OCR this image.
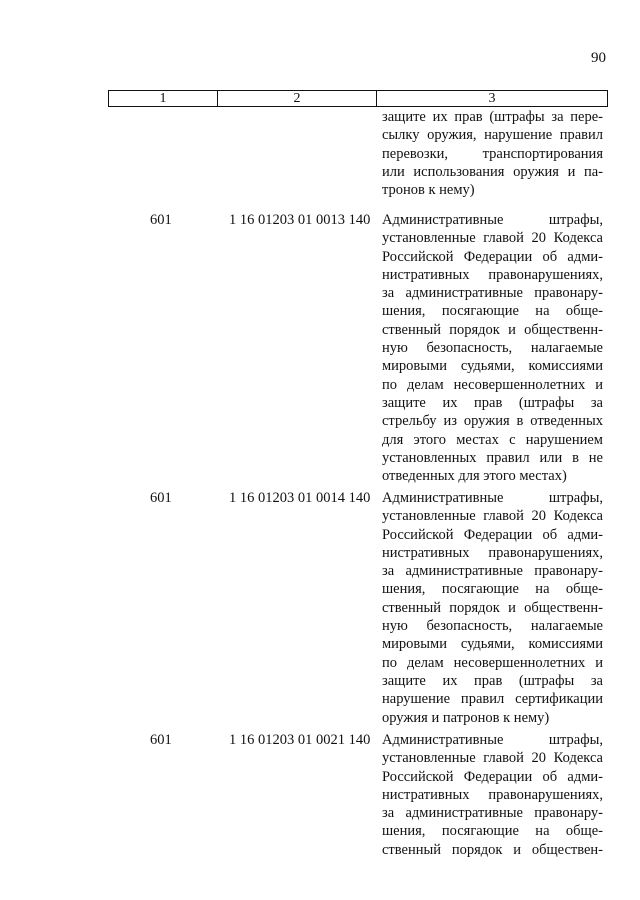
90
1	2	3
защите их прав (штрафы за пере-
сылку оружия, нарушение правил
перевозки, транспортирования
или использования оружия и па-
тронов к нему)
601	1 16 01203 01 0013 140 Административные штрафы,
установленные главой 20 Кодекса
Российской Федерации об адми-
нистративных правонарушениях,
за административные правонару-
шения, посягающие на обще-
ственный порядок и общественн-
ную безопасность, налагаемые
мировыми судьями, комиссиями
по делам несовершеннолетних и
защите их прав (штрафы за
стрельбу из оружия в отведенных
для этого местах с нарушением
установленных правил или в не
отведенных для этого местах)
601	1 16 01203 01 0014 140 Административные штрафы,
установленные главой 20 Кодекса
Российской Федерации об адми-
нистративных правонарушениях,
за административные правонару-
шения, посягающие на обще-
ственный порядок и общественн-
ную безопасность, налагаемые
мировыми судьями, комиссиями
по делам несовершеннолетних и
защите их прав (штрафы за
нарушение правил сертификации
оружия и патронов к нему)
601	1 16 01203 01 0021 140 Административные штрафы,
установленные главой 20 Кодекса
Российской Федерации об адми-
нистративных правонарушениях,
за административные правонару-
шения, посягающие на обще-
ственный порядок и обществен-
